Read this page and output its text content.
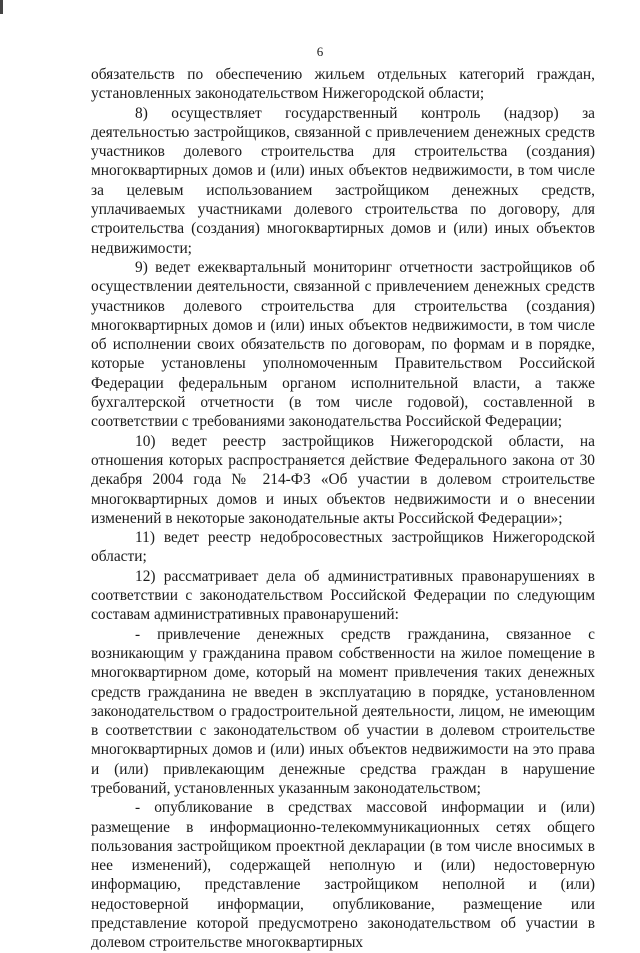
6

обязательств по обеспечению жильем отдельных категорий граждан, установленных законодательством Нижегородской области;

8) осуществляет государственный контроль (надзор) за деятельностью застройщиков, связанной с привлечением денежных средств участников долевого строительства для строительства (создания) многоквартирных домов и (или) иных объектов недвижимости, в том числе за целевым использованием застройщиком денежных средств, уплачиваемых участниками долевого строительства по договору, для строительства (создания) многоквартирных домов и (или) иных объектов недвижимости;

9) ведет ежеквартальный мониторинг отчетности застройщиков об осуществлении деятельности, связанной с привлечением денежных средств участников долевого строительства для строительства (создания) многоквартирных домов и (или) иных объектов недвижимости, в том числе об исполнении своих обязательств по договорам, по формам и в порядке, которые установлены уполномоченным Правительством Российской Федерации федеральным органом исполнительной власти, а также бухгалтерской отчетности (в том числе годовой), составленной в соответствии с требованиями законодательства Российской Федерации;

10) ведет реестр застройщиков Нижегородской области, на отношения которых распространяется действие Федерального закона от 30 декабря 2004 года № 214-ФЗ «Об участии в долевом строительстве многоквартирных домов и иных объектов недвижимости и о внесении изменений в некоторые законодательные акты Российской Федерации»;

11) ведет реестр недобросовестных застройщиков Нижегородской области;

12) рассматривает дела об административных правонарушениях в соответствии с законодательством Российской Федерации по следующим составам административных правонарушений:

- привлечение денежных средств гражданина, связанное с возникающим у гражданина правом собственности на жилое помещение в многоквартирном доме, который на момент привлечения таких денежных средств гражданина не введен в эксплуатацию в порядке, установленном законодательством о градостроительной деятельности, лицом, не имеющим в соответствии с законодательством об участии в долевом строительстве многоквартирных домов и (или) иных объектов недвижимости на это права и (или) привлекающим денежные средства граждан в нарушение требований, установленных указанным законодательством;

- опубликование в средствах массовой информации и (или) размещение в информационно-телекоммуникационных сетях общего пользования застройщиком проектной декларации (в том числе вносимых в нее изменений), содержащей неполную и (или) недостоверную информацию, представление застройщиком неполной и (или) недостоверной информации, опубликование, размещение или представление которой предусмотрено законодательством об участии в долевом строительстве многоквартирных
